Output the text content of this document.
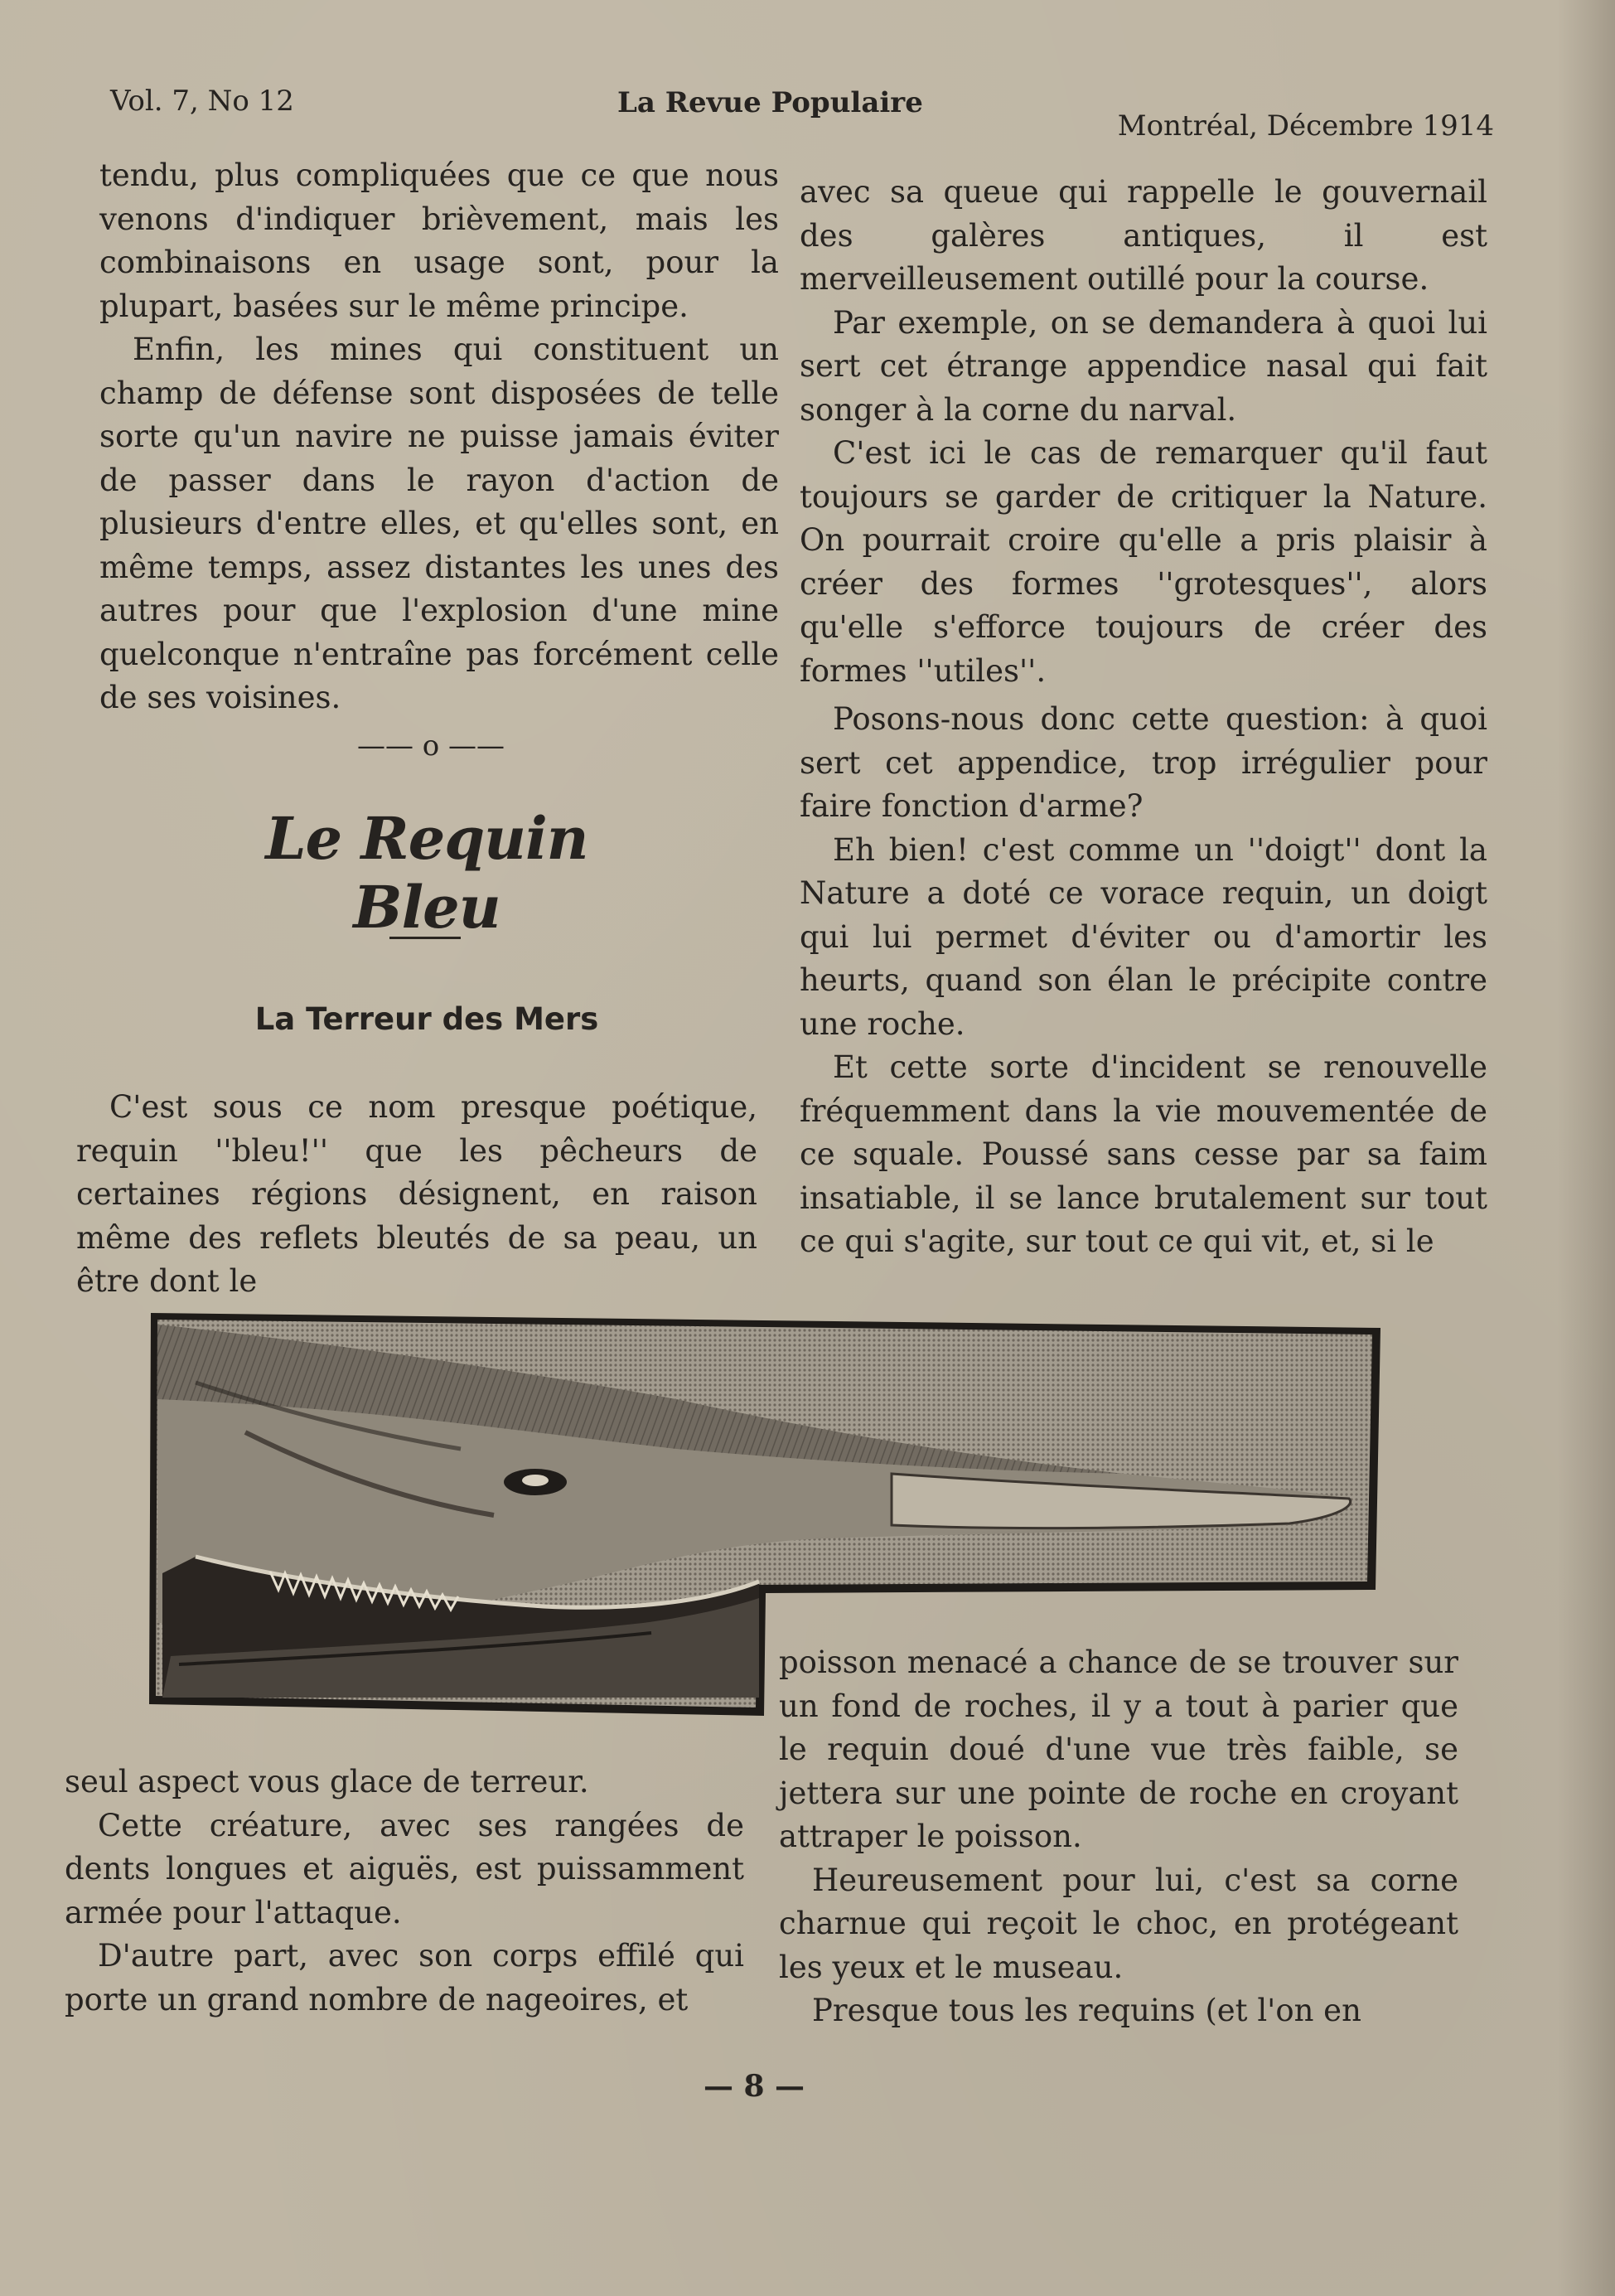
Vol. 7, No 12	La Revue Populaire
Montréal, Décembre 1914

tendu, plus compliquées que ce que nous venons d'indiquer brièvement, mais les combinaisons en usage sont, pour la plupart, basées sur le même principe.

Enfin, les mines qui constituent un champ de défense sont disposées de telle sorte qu'un navire ne puisse jamais éviter de passer dans le rayon d'action de plusieurs d'entre elles, et qu'elles sont, en même temps, assez distantes les unes des autres pour que l'explosion d'une mine quelconque n'entraîne pas forcément celle de ses voisines.

—— o ——
Le Requin Bleu
La Terreur des Mers

C'est sous ce nom presque poétique, requin ''bleu!'' que les pêcheurs de certaines régions désignent, en raison même des reflets bleutés de sa peau, un être dont le

avec sa queue qui rappelle le gouvernail des galères antiques, il est merveilleusement outillé pour la course.

Par exemple, on se demandera à quoi lui sert cet étrange appendice nasal qui fait songer à la corne du narval.

C'est ici le cas de remarquer qu'il faut toujours se garder de critiquer la Nature. On pourrait croire qu'elle a pris plaisir à créer des formes ''grotesques'', alors qu'elle s'efforce toujours de créer des formes ''utiles''.

Posons-nous donc cette question: à quoi sert cet appendice, trop irrégulier pour faire fonction d'arme?

Eh bien! c'est comme un ''doigt'' dont la Nature a doté ce vorace requin, un doigt qui lui permet d'éviter ou d'amortir les heurts, quand son élan le précipite contre une roche.

Et cette sorte d'incident se renouvelle fréquemment dans la vie mouvementée de ce squale. Poussé sans cesse par sa faim insatiable, il se lance brutalement sur tout ce qui s'agite, sur tout ce qui vit, et, si le

poisson menacé a chance de se trouver sur un fond de roches, il y a tout à parier que le requin doué d'une vue très faible, se jettera sur une pointe de roche en croyant attraper le poisson.

Heureusement pour lui, c'est sa corne charnue qui reçoit le choc, en protégeant les yeux et le museau.

Presque tous les requins (et l'on en

seul aspect vous glace de terreur.

Cette créature, avec ses rangées de dents longues et aiguës, est puissamment armée pour l'attaque.

D'autre part, avec son corps effilé qui porte un grand nombre de nageoires, et

— 8 —
